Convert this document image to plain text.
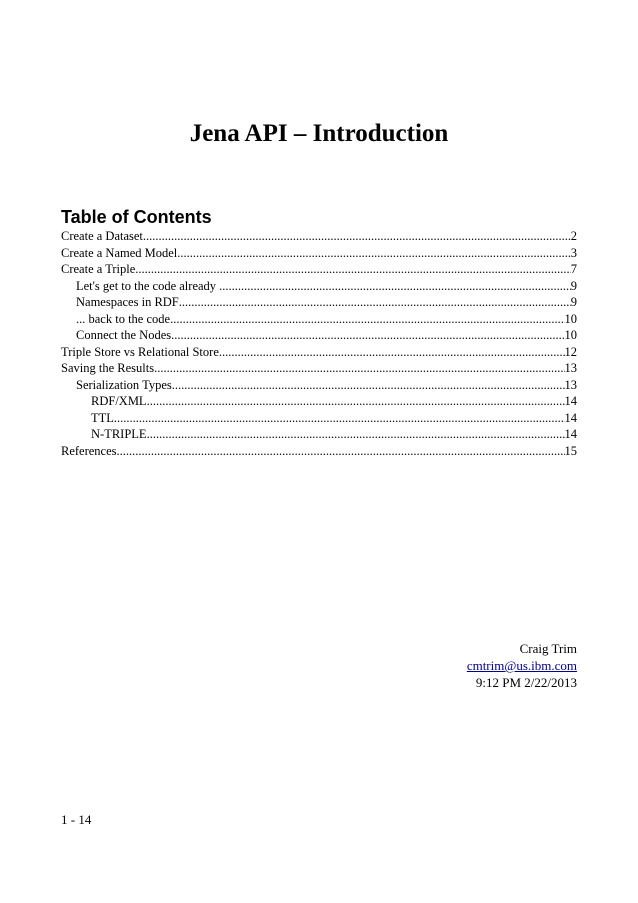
Jena API – Introduction
Table of Contents
Create a Dataset .....	2
Create a Named Model .....	3
Create a Triple .....	7
Let's get to the code already ... .....	9
Namespaces in RDF .....	9
... back to the code .....	10
Connect the Nodes .....	10
Triple Store vs Relational Store .....	12
Saving the Results .....	13
Serialization Types .....	13
RDF/XML .....	14
TTL .....	14
N-TRIPLE .....	14
References .....	15
Craig Trim
cmtrim@us.ibm.com
9:12 PM 2/22/2013
1 - 14
